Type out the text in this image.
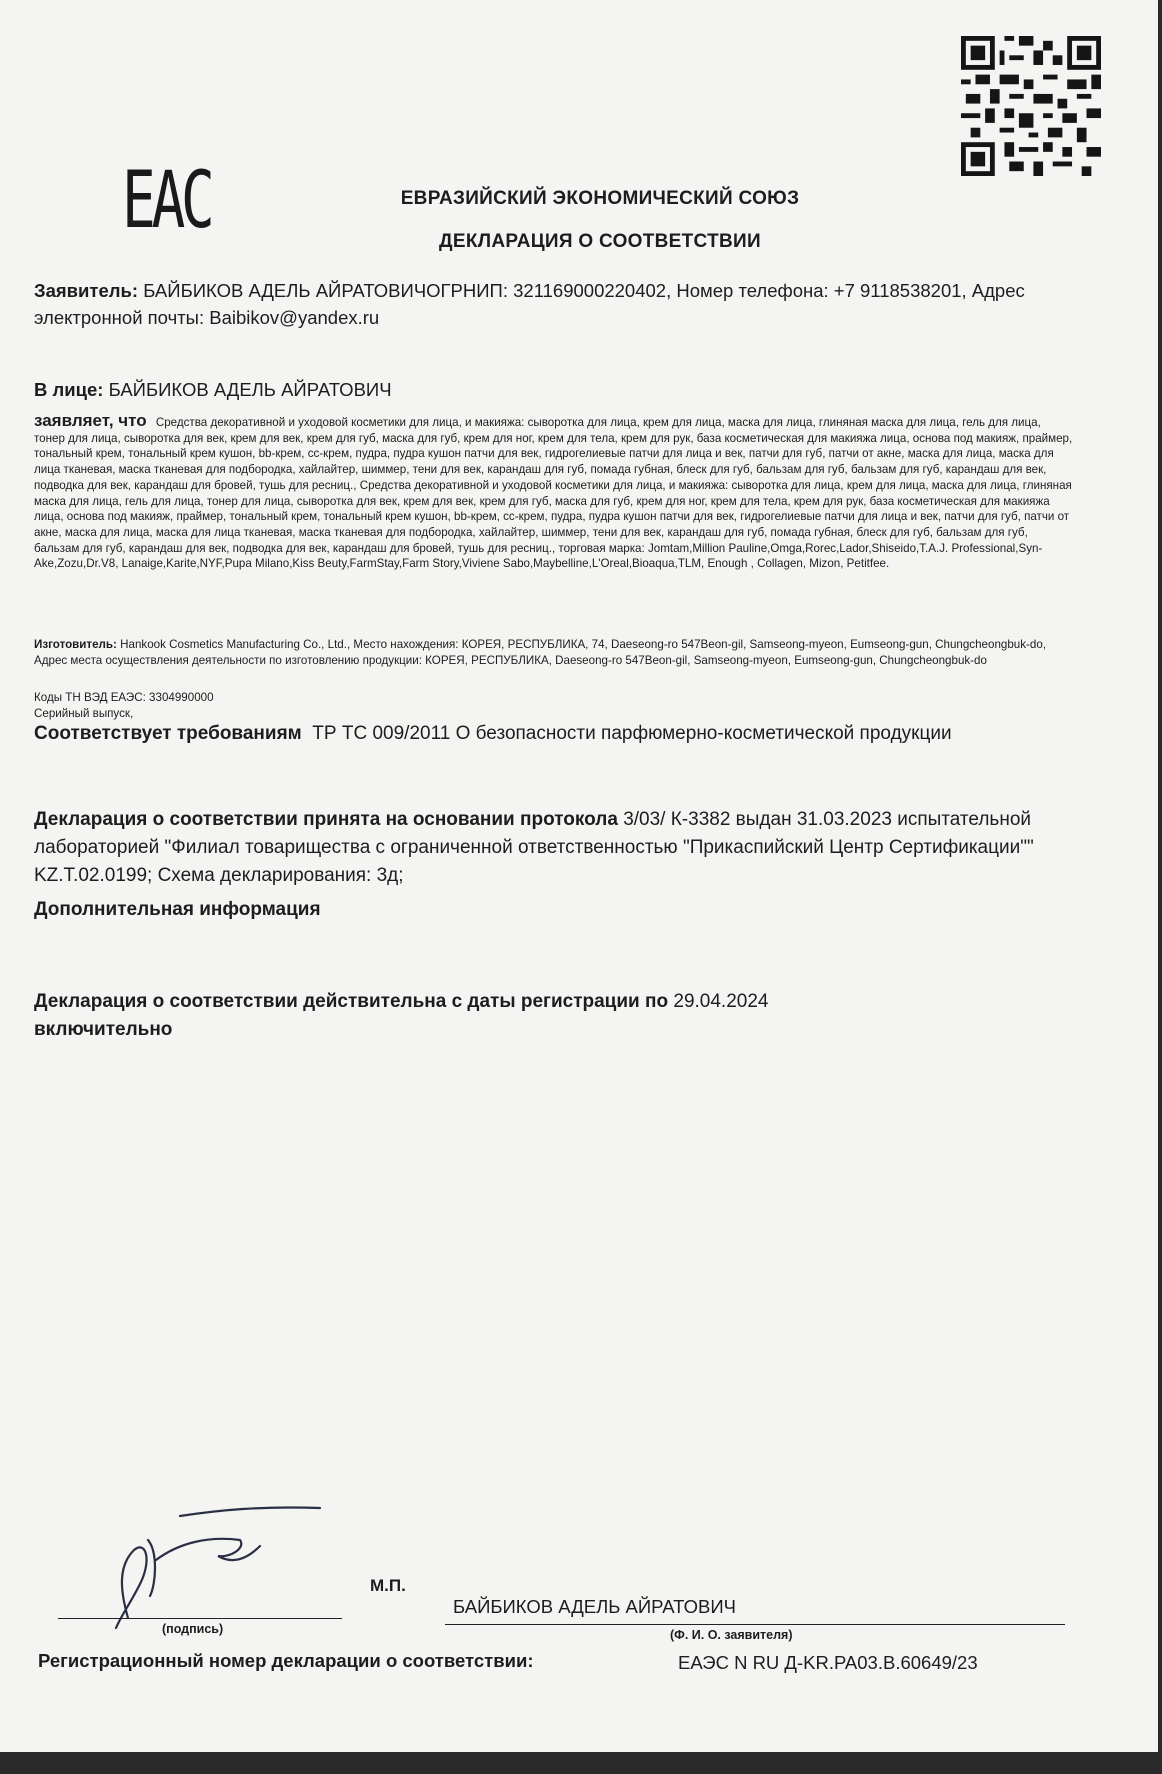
ЕАС	ЕВРАЗИЙСКИЙ ЭКОНОМИЧЕСКИЙ СОЮЗ
ДЕКЛАРАЦИЯ О СООТВЕТСТВИИ
Заявитель: БАЙБИКОВ АДЕЛЬ АЙРАТОВИЧОГРНИП: 321169000220402, Номер телефона: +7 9118538201, Адрес электронной почты: Baibikov@yandex.ru
В лице: БАЙБИКОВ АДЕЛЬ АЙРАТОВИЧ
заявляет, что Средства декоративной и уходовой косметики для лица, и макияжа: сыворотка для лица, крем для лица, маска для лица, глиняная маска для лица, гель для лица, тонер для лица, сыворотка для век, крем для век, крем для губ, маска для губ, крем для ног, крем для тела, крем для рук, база косметическая для макияжа лица, основа под макияж, праймер, тональный крем, тональный крем кушон, bb-крем, cc-крем, пудра, пудра кушон патчи для век, гидрогелиевые патчи для лица и век, патчи для губ, патчи от акне, маска для лица, маска для лица тканевая, маска тканевая для подбородка, хайлайтер, шиммер, тени для век, карандаш для губ, помада губная, блеск для губ, бальзам для губ, бальзам для губ, карандаш для век, подводка для век, карандаш для бровей, тушь для ресниц., Средства декоративной и уходовой косметики для лица, и макияжа: сыворотка для лица, крем для лица, маска для лица, глиняная маска для лица, гель для лица, тонер для лица, сыворотка для век, крем для век, крем для губ, маска для губ, крем для ног, крем для тела, крем для рук, база косметическая для макияжа лица, основа под макияж, праймер, тональный крем, тональный крем кушон, bb-крем, cc-крем, пудра, пудра кушон патчи для век, гидрогелиевые патчи для лица и век, патчи для губ, патчи от акне, маска для лица, маска для лица тканевая, маска тканевая для подбородка, хайлайтер, шиммер, тени для век, карандаш для губ, помада губная, блеск для губ, бальзам для губ, бальзам для губ, карандаш для век, подводка для век, карандаш для бровей, тушь для ресниц., торговая марка: Jomtam,Million Pauline,Omga,Rorec,Lador,Shiseido,T.A.J. Professional,Syn-Ake,Zozu,Dr.V8, Lanaige,Karite,NYF,Pupa Milano,Kiss Beuty,FarmStay,Farm Story,Viviene Sabo,Maybelline,L'Oreal,Bioaqua,TLM, Enough , Collagen, Mizon, Petitfee.
Изготовитель: Hankook Cosmetics Manufacturing Co., Ltd., Место нахождения: КОРЕЯ, РЕСПУБЛИКА, 74, Daeseong-ro 547Beon-gil, Samseong-myeon, Eumseong-gun, Chungcheongbuk-do, Адрес места осуществления деятельности по изготовлению продукции: КОРЕЯ, РЕСПУБЛИКА, Daeseong-ro 547Beon-gil, Samseong-myeon, Eumseong-gun, Chungcheongbuk-do
Коды ТН ВЭД ЕАЭС: 3304990000
Серийный выпуск,
Соответствует требованиям ТР ТС 009/2011 О безопасности парфюмерно-косметической продукции
Декларация о соответствии принята на основании протокола 3/03/ К-3382 выдан 31.03.2023 испытательной лабораторией "Филиал товарищества с ограниченной ответственностью "Прикаспийский Центр Сертификации"" KZ.T.02.0199; Схема декларирования: 3д;
Дополнительная информация
Декларация о соответствии действительна с даты регистрации по 29.04.2024
включительно
(подпись)
М.П.
БАЙБИКОВ АДЕЛЬ АЙРАТОВИЧ
(Ф. И. О. заявителя)
Регистрационный номер декларации о соответствии:	ЕАЭС N RU Д-KR.PA03.B.60649/23
